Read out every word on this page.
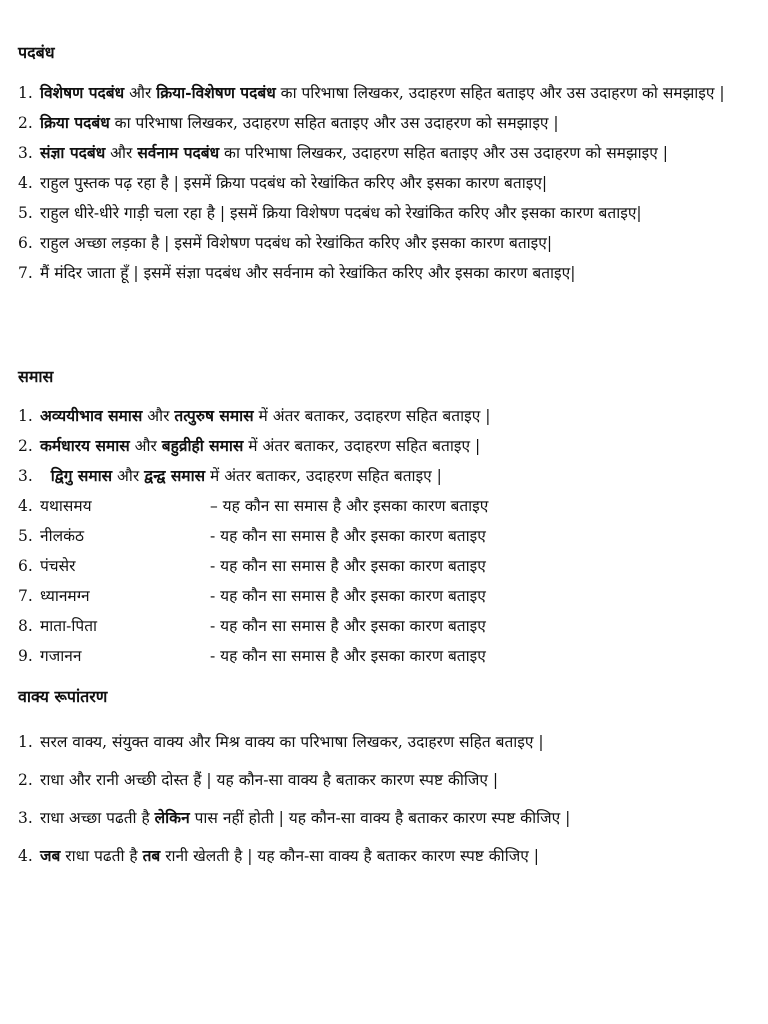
पदबंध
1. विशेषण पदबंध और क्रिया-विशेषण पदबंध का परिभाषा लिखकर, उदाहरण सहित बताइए और उस उदाहरण को समझाइए |
2. क्रिया पदबंध का परिभाषा लिखकर, उदाहरण सहित बताइए और उस उदाहरण को समझाइए |
3. संज्ञा पदबंध और सर्वनाम पदबंध का परिभाषा लिखकर, उदाहरण सहित बताइए और उस उदाहरण को समझाइए |
4. राहुल पुस्तक पढ़ रहा है | इसमें क्रिया पदबंध को रेखांकित करिए और इसका कारण बताइए|
5. राहुल धीरे-धीरे गाड़ी चला रहा है | इसमें क्रिया विशेषण पदबंध को रेखांकित करिए और इसका कारण बताइए|
6. राहुल अच्छा लड़का है | इसमें विशेषण पदबंध को रेखांकित करिए और इसका कारण बताइए|
7. मैं मंदिर जाता हूँ | इसमें संज्ञा पदबंध और सर्वनाम को रेखांकित करिए और इसका कारण बताइए|
समास
1. अव्ययीभाव समास और तत्पुरुष समास में अंतर बताकर, उदाहरण सहित बताइए |
2. कर्मधारय समास और बहुव्रीही समास में अंतर बताकर, उदाहरण सहित बताइए |
3. द्विगु समास और द्वन्द्व समास में अंतर बताकर, उदाहरण सहित बताइए |
4. यथासमय	– यह कौन सा समास है और इसका कारण बताइए
5. नीलकंठ	- यह कौन सा समास है और इसका कारण बताइए
6. पंचसेर	- यह कौन सा समास है और इसका कारण बताइए
7. ध्यानमग्न	- यह कौन सा समास है और इसका कारण बताइए
8. माता-पिता	- यह कौन सा समास है और इसका कारण बताइए
9. गजानन	- यह कौन सा समास है और इसका कारण बताइए
वाक्य रूपांतरण
1. सरल वाक्य, संयुक्त वाक्य और मिश्र वाक्य का परिभाषा लिखकर, उदाहरण सहित बताइए |
2. राधा और रानी अच्छी दोस्त हैं | यह कौन-सा वाक्य है बताकर कारण स्पष्ट कीजिए |
3. राधा अच्छा पढती है लेकिन पास नहीं होती | यह कौन-सा वाक्य है बताकर कारण स्पष्ट कीजिए |
4. जब राधा पढती है तब रानी खेलती है | यह कौन-सा वाक्य है बताकर कारण स्पष्ट कीजिए |
